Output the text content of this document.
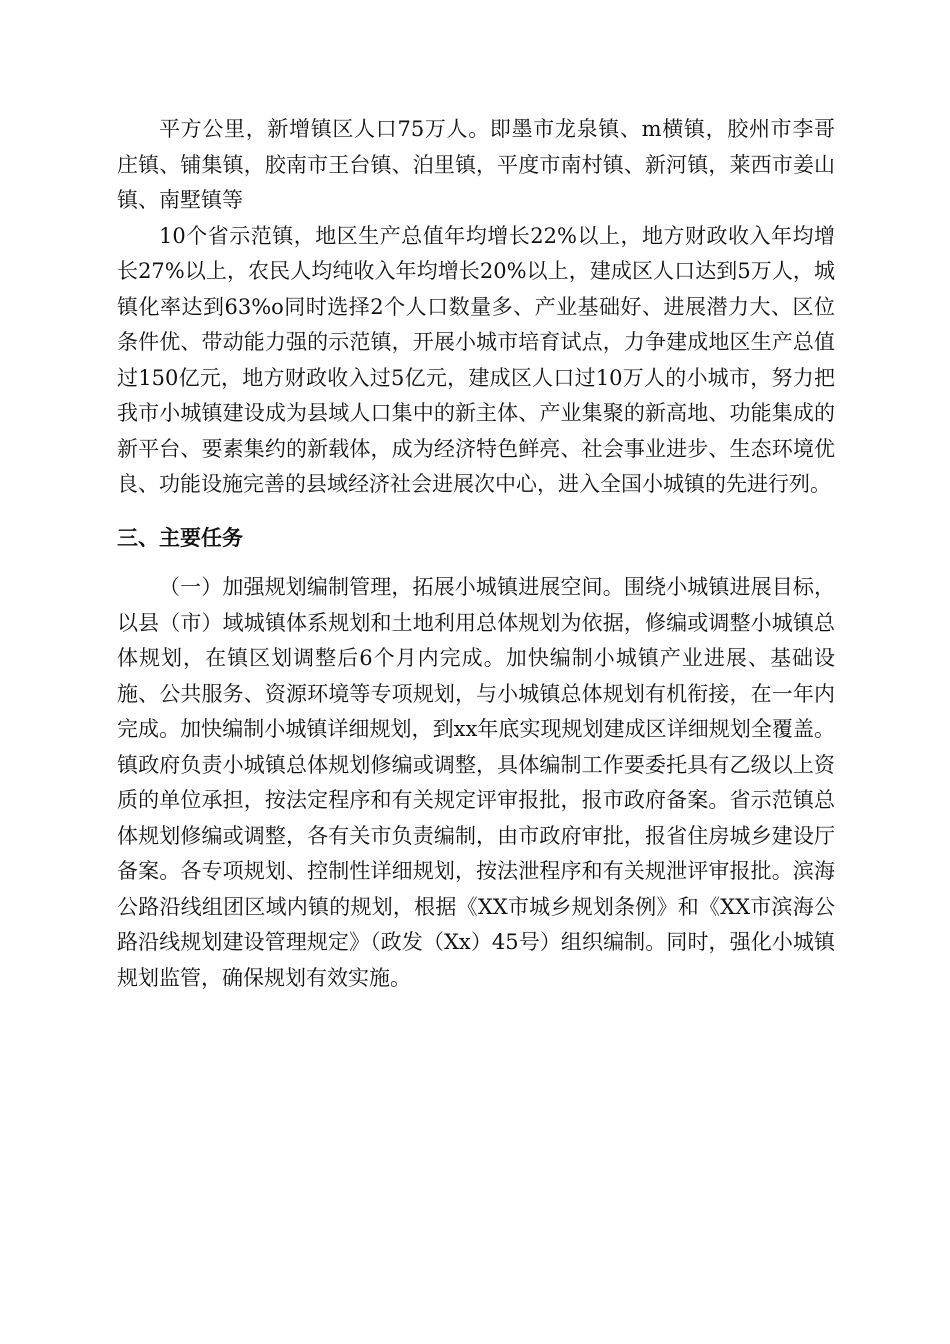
平方公里，新增镇区人口75万人。即墨市龙泉镇、m横镇，胶州市李哥庄镇、铺集镇，胶南市王台镇、泊里镇，平度市南村镇、新河镇，莱西市姜山镇、南墅镇等

10个省示范镇，地区生产总值年均增长22%以上，地方财政收入年均增长27%以上，农民人均纯收入年均增长20%以上，建成区人口达到5万人，城镇化率达到63%o同时选择2个人口数量多、产业基础好、进展潜力大、区位条件优、带动能力强的示范镇，开展小城市培育试点，力争建成地区生产总值过150亿元，地方财政收入过5亿元，建成区人口过10万人的小城市，努力把我市小城镇建设成为县域人口集中的新主体、产业集聚的新高地、功能集成的新平台、要素集约的新载体，成为经济特色鲜亮、社会事业进步、生态环境优良、功能设施完善的县域经济社会进展次中心，进入全国小城镇的先进行列。

三、主要任务

（一）加强规划编制管理，拓展小城镇进展空间。围绕小城镇进展目标，以县（市）域城镇体系规划和土地利用总体规划为依据，修编或调整小城镇总体规划，在镇区划调整后6个月内完成。加快编制小城镇产业进展、基础设施、公共服务、资源环境等专项规划，与小城镇总体规划有机衔接，在一年内完成。加快编制小城镇详细规划，到xx年底实现规划建成区详细规划全覆盖。镇政府负责小城镇总体规划修编或调整，具体编制工作要委托具有乙级以上资质的单位承担，按法定程序和有关规定评审报批，报市政府备案。省示范镇总体规划修编或调整，各有关市负责编制，由市政府审批，报省住房城乡建设厅备案。各专项规划、控制性详细规划，按法泄程序和有关规泄评审报批。滨海公路沿线组团区域内镇的规划，根据《XX市城乡规划条例》和《XX市滨海公路沿线规划建设管理规定》（政发（Xx）45号）组织编制。同时，强化小城镇规划监管，确保规划有效实施。
